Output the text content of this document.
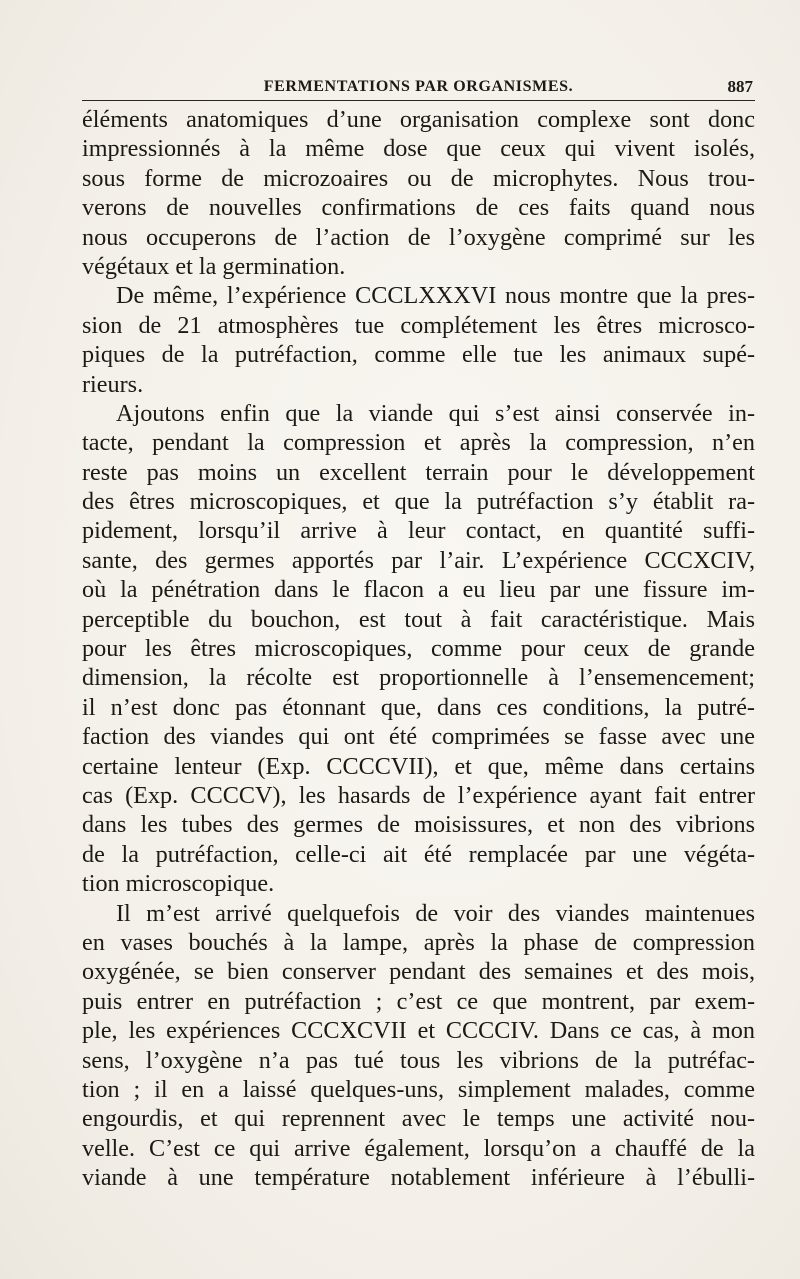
FERMENTATIONS PAR ORGANISMES.	887
éléments anatomiques d’une organisation complexe sont donc
impressionnés à la même dose que ceux qui vivent isolés,
sous forme de microzoaires ou de microphytes. Nous trou-
verons de nouvelles confirmations de ces faits quand nous
nous occuperons de l’action de l’oxygène comprimé sur les
végétaux et la germination.
De même, l’expérience CCCLXXXVI nous montre que la pres-
sion de 21 atmosphères tue complétement les êtres microsco-
piques de la putréfaction, comme elle tue les animaux supé-
rieurs.
Ajoutons enfin que la viande qui s’est ainsi conservée in-
tacte, pendant la compression et après la compression, n’en
reste pas moins un excellent terrain pour le développement
des êtres microscopiques, et que la putréfaction s’y établit ra-
pidement, lorsqu’il arrive à leur contact, en quantité suffi-
sante, des germes apportés par l’air. L’expérience CCCXCIV,
où la pénétration dans le flacon a eu lieu par une fissure im-
perceptible du bouchon, est tout à fait caractéristique. Mais
pour les êtres microscopiques, comme pour ceux de grande
dimension, la récolte est proportionnelle à l’ensemencement;
il n’est donc pas étonnant que, dans ces conditions, la putré-
faction des viandes qui ont été comprimées se fasse avec une
certaine lenteur (Exp. CCCCVII), et que, même dans certains
cas (Exp. CCCCV), les hasards de l’expérience ayant fait entrer
dans les tubes des germes de moisissures, et non des vibrions
de la putréfaction, celle-ci ait été remplacée par une végéta-
tion microscopique.
Il m’est arrivé quelquefois de voir des viandes maintenues
en vases bouchés à la lampe, après la phase de compression
oxygénée, se bien conserver pendant des semaines et des mois,
puis entrer en putréfaction ; c’est ce que montrent, par exem-
ple, les expériences CCCXCVII et CCCCIV. Dans ce cas, à mon
sens, l’oxygène n’a pas tué tous les vibrions de la putréfac-
tion ; il en a laissé quelques-uns, simplement malades, comme
engourdis, et qui reprennent avec le temps une activité nou-
velle. C’est ce qui arrive également, lorsqu’on a chauffé de la
viande à une température notablement inférieure à l’ébulli-
